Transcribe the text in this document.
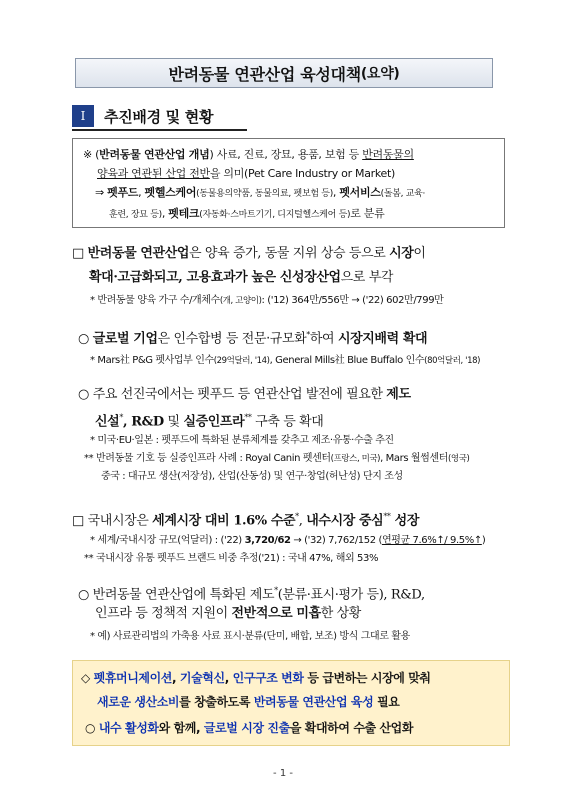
반려동물 연관산업 육성대책 (요약)
Ⅰ	추진배경 및 현황
※ (반려동물 연관산업 개념) 사료, 진료, 장묘, 용품, 보험 등 반려동물의
양육과 연관된 산업 전반을 의미(Pet Care Industry or Market)
⇒ 펫푸드, 펫헬스케어(동물용의약품, 동물의료, 펫보험 등), 펫서비스(돌봄, 교육·
훈련, 장묘 등), 펫테크(자동화·스마트기기, 디지털헬스케어 등)로 분류
□ 반려동물 연관산업은 양육 증가, 동물 지위 상승 등으로 시장이
확대·고급화되고, 고용효과가 높은 신성장산업으로 부각
* 반려동물 양육 가구 수/개체수(개, 고양이): ('12) 364만/556만 → ('22) 602만/799만
○ 글로벌 기업은 인수합병 등 전문·규모화*하여 시장지배력 확대
* Mars社 P&G 펫사업부 인수(29억달러, '14), General Mills社 Blue Buffalo 인수(80억달러, '18)
○ 주요 선진국에서는 펫푸드 등 연관산업 발전에 필요한 제도
신설*, R&D 및 실증인프라** 구축 등 확대
* 미국·EU·일본 : 펫푸드에 특화된 분류체계를 갖추고 제조·유통·수출 추진
** 반려동물 기호 등 실증인프라 사례 : Royal Canin 펫센터(프랑스, 미국), Mars 월썸센터(영국)
중국 : 대규모 생산(저장성), 산업(산동성) 및 연구·창업(허난성) 단지 조성
□ 국내시장은 세계시장 대비 1.6% 수준*, 내수시장 중심** 성장
* 세계/국내시장 규모(억달러) : ('22) 3,720/62 → ('32) 7,762/152 (연평균 7.6%↑/ 9.5%↑)
** 국내시장 유통 펫푸드 브랜드 비중 추정('21) : 국내 47%, 해외 53%
○ 반려동물 연관산업에 특화된 제도*(분류·표시·평가 등), R&D,
인프라 등 정책적 지원이 전반적으로 미흡한 상황
* 예) 사료관리법의 가축용 사료 표시·분류(단미, 배합, 보조) 방식 그대로 활용
◇ 펫휴머니제이션, 기술혁신, 인구구조 변화 등 급변하는 시장에 맞춰
새로운 생산소비를 창출하도록 반려동물 연관산업 육성 필요
○ 내수 활성화와 함께, 글로벌 시장 진출을 확대하여 수출 산업화
- 1 -
